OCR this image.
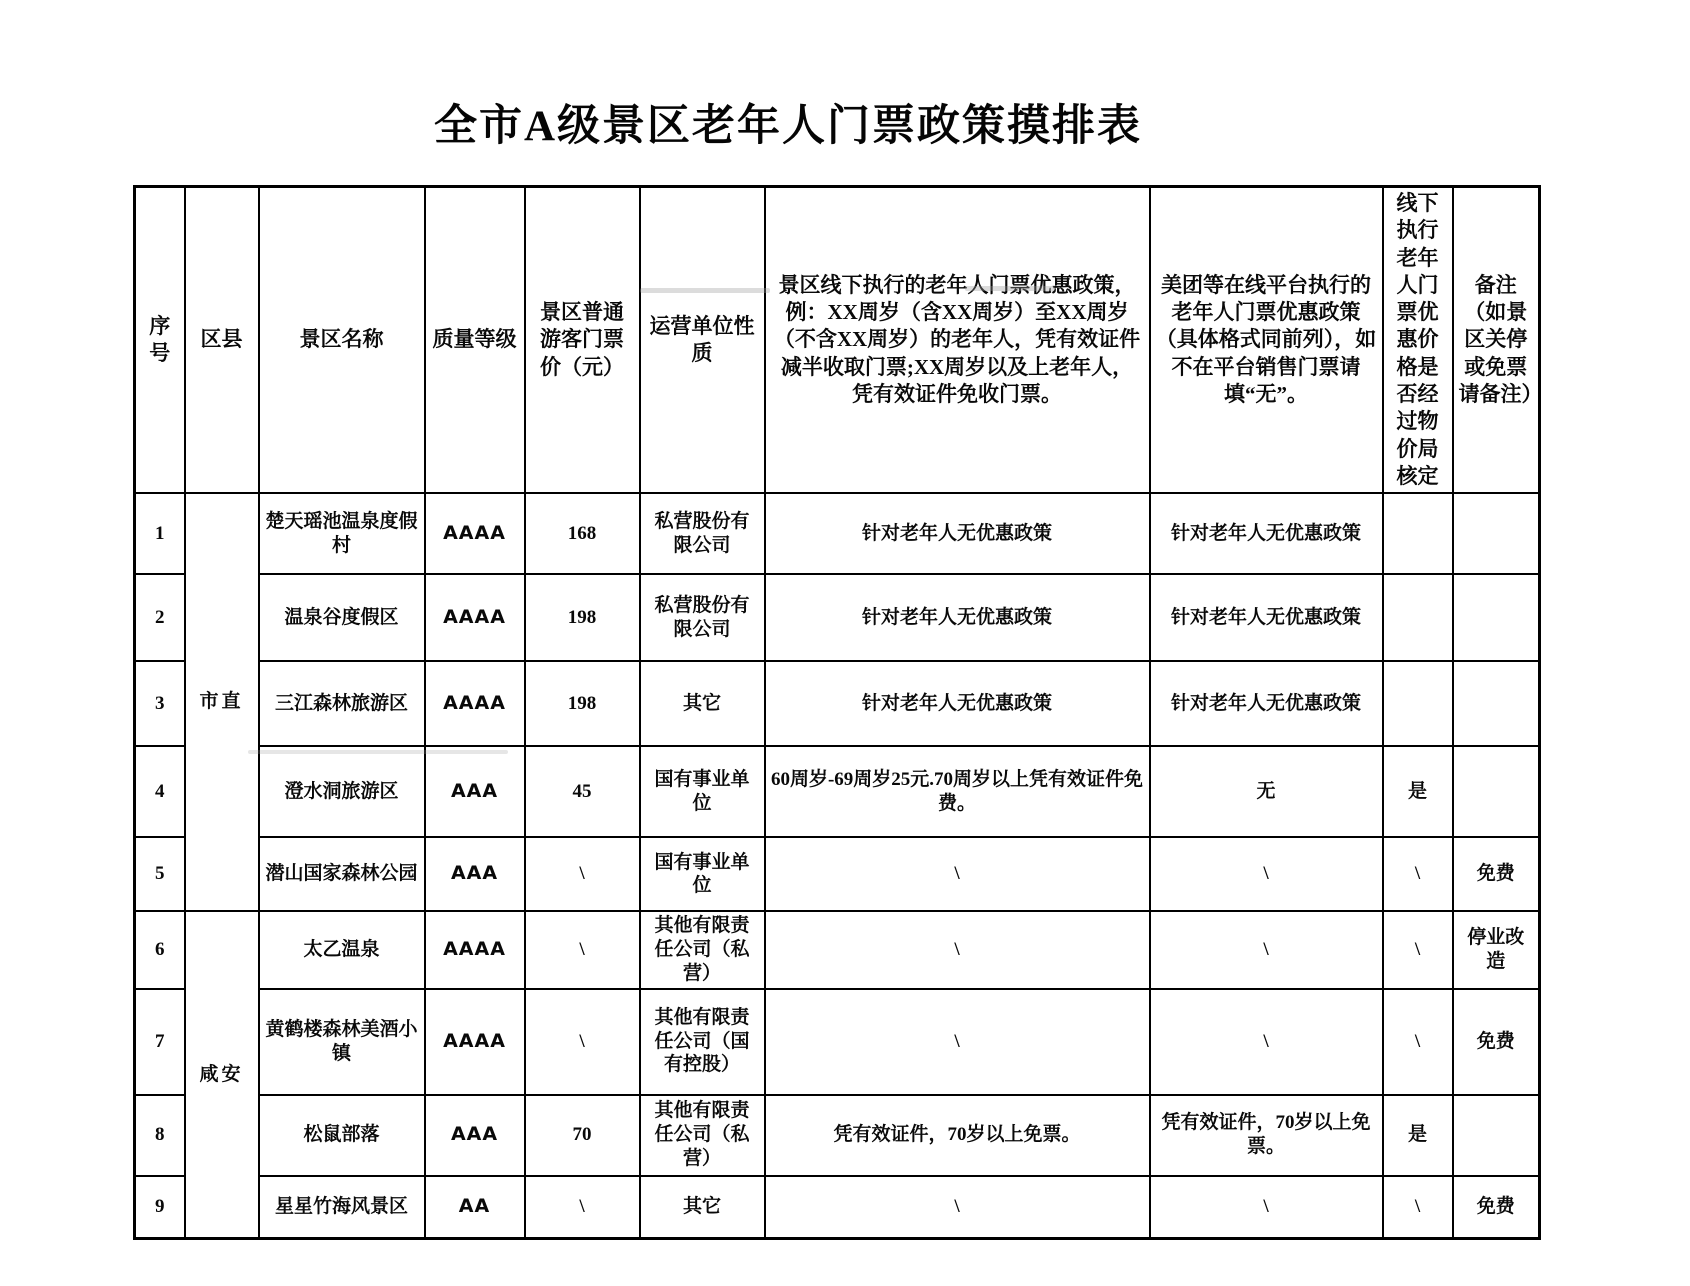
全市A级景区老年人门票政策摸排表
序号	区县	景区名称	质量等级	景区普通游客门票价（元）	运营单位性质	景区线下执行的老年人门票优惠政策，例：XX周岁（含XX周岁）至XX周岁（不含XX周岁）的老年人，凭有效证件减半收取门票;XX周岁以及上老年人，凭有效证件免收门票。	美团等在线平台执行的老年人门票优惠政策（具体格式同前列），如不在平台销售门票请填“无”。	线下执行老年人门票优惠价格是否经过物价局核定	备注（如景区关停或免票请备注）
1	市直	楚天瑶池温泉度假村	AAAA	168	私营股份有限公司	针对老年人无优惠政策	针对老年人无优惠政策		
2		温泉谷度假区	AAAA	198	私营股份有限公司	针对老年人无优惠政策	针对老年人无优惠政策		
3		三江森林旅游区	AAAA	198	其它	针对老年人无优惠政策	针对老年人无优惠政策		
4		澄水洞旅游区	AAA	45	国有事业单位	60周岁-69周岁25元.70周岁以上凭有效证件免费。	无	是	
5		潜山国家森林公园	AAA	\	国有事业单位	\	\	\	免费
6	咸安	太乙温泉	AAAA	\	其他有限责任公司（私营）	\	\	\	停业改造
7		黄鹤楼森林美酒小镇	AAAA	\	其他有限责任公司（国有控股）	\	\	\	免费
8		松鼠部落	AAA	70	其他有限责任公司（私营）	凭有效证件，70岁以上免票。	凭有效证件，70岁以上免票。	是	
9		星星竹海风景区	AA	\	其它	\	\	\	免费
